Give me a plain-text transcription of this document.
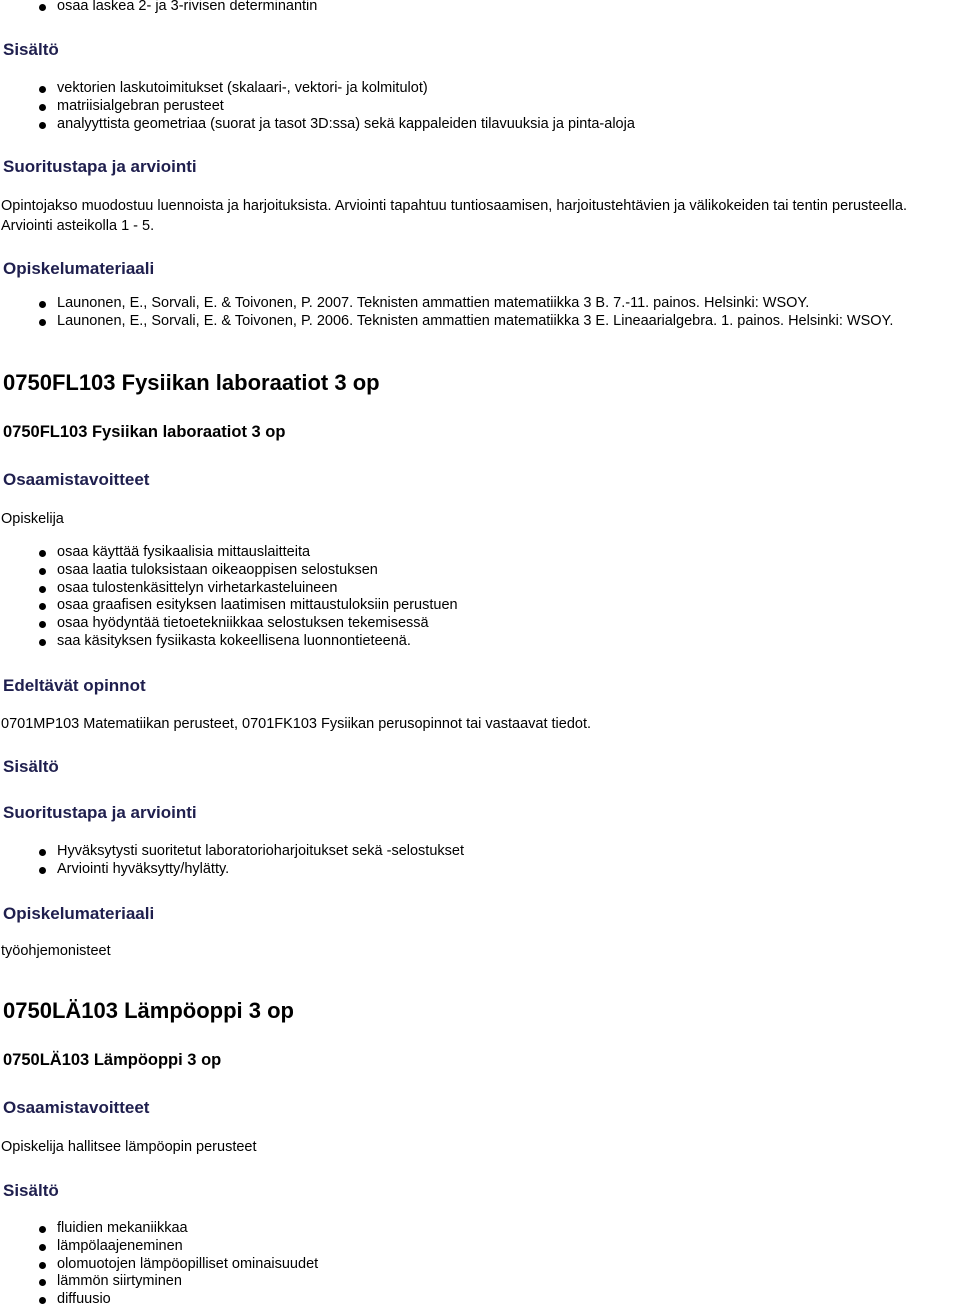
osaa laskea 2- ja 3-rivisen determinantin
Sisältö
vektorien laskutoimitukset (skalaari-, vektori- ja kolmitulot)
matriisialgebran perusteet
analyyttista geometriaa (suorat ja tasot 3D:ssa) sekä kappaleiden tilavuuksia ja pinta-aloja
Suoritustapa ja arviointi

Opintojakso muodostuu luennoista ja harjoituksista. Arviointi tapahtuu tuntiosaamisen, harjoitustehtävien ja välikokeiden tai tentin perusteella.

Arviointi asteikolla 1 - 5.

Opiskelumateriaali
Launonen, E., Sorvali, E. & Toivonen, P. 2007. Teknisten ammattien matematiikka 3 B. 7.-11. painos. Helsinki: WSOY.
Launonen, E., Sorvali, E. & Toivonen, P. 2006. Teknisten ammattien matematiikka 3 E. Lineaarialgebra. 1. painos. Helsinki: WSOY.
0750FL103 Fysiikan laboraatiot 3 op
0750FL103 Fysiikan laboraatiot 3 op
Osaamistavoitteet
Opiskelija
osaa käyttää fysikaalisia mittauslaitteita
osaa laatia tuloksistaan oikeaoppisen selostuksen
osaa tulostenkäsittelyn virhetarkasteluineen
osaa graafisen esityksen laatimisen mittaustuloksiin perustuen
osaa hyödyntää tietoetekniikkaa selostuksen tekemisessä
saa käsityksen fysiikasta kokeellisena luonnontieteenä.
Edeltävät opinnot
0701MP103 Matematiikan perusteet, 0701FK103 Fysiikan perusopinnot tai vastaavat tiedot.
Sisältö
Suoritustapa ja arviointi
Hyväksytysti suoritetut laboratorioharjoitukset sekä -selostukset
Arviointi hyväksytty/hylätty.
Opiskelumateriaali
työohjemonisteet
0750LÄ103 Lämpöoppi 3 op
0750LÄ103 Lämpöoppi 3 op
Osaamistavoitteet
Opiskelija hallitsee lämpöopin perusteet
Sisältö
fluidien mekaniikkaa
lämpölaajeneminen
olomuotojen lämpöopilliset ominaisuudet
lämmön siirtyminen
diffuusio
